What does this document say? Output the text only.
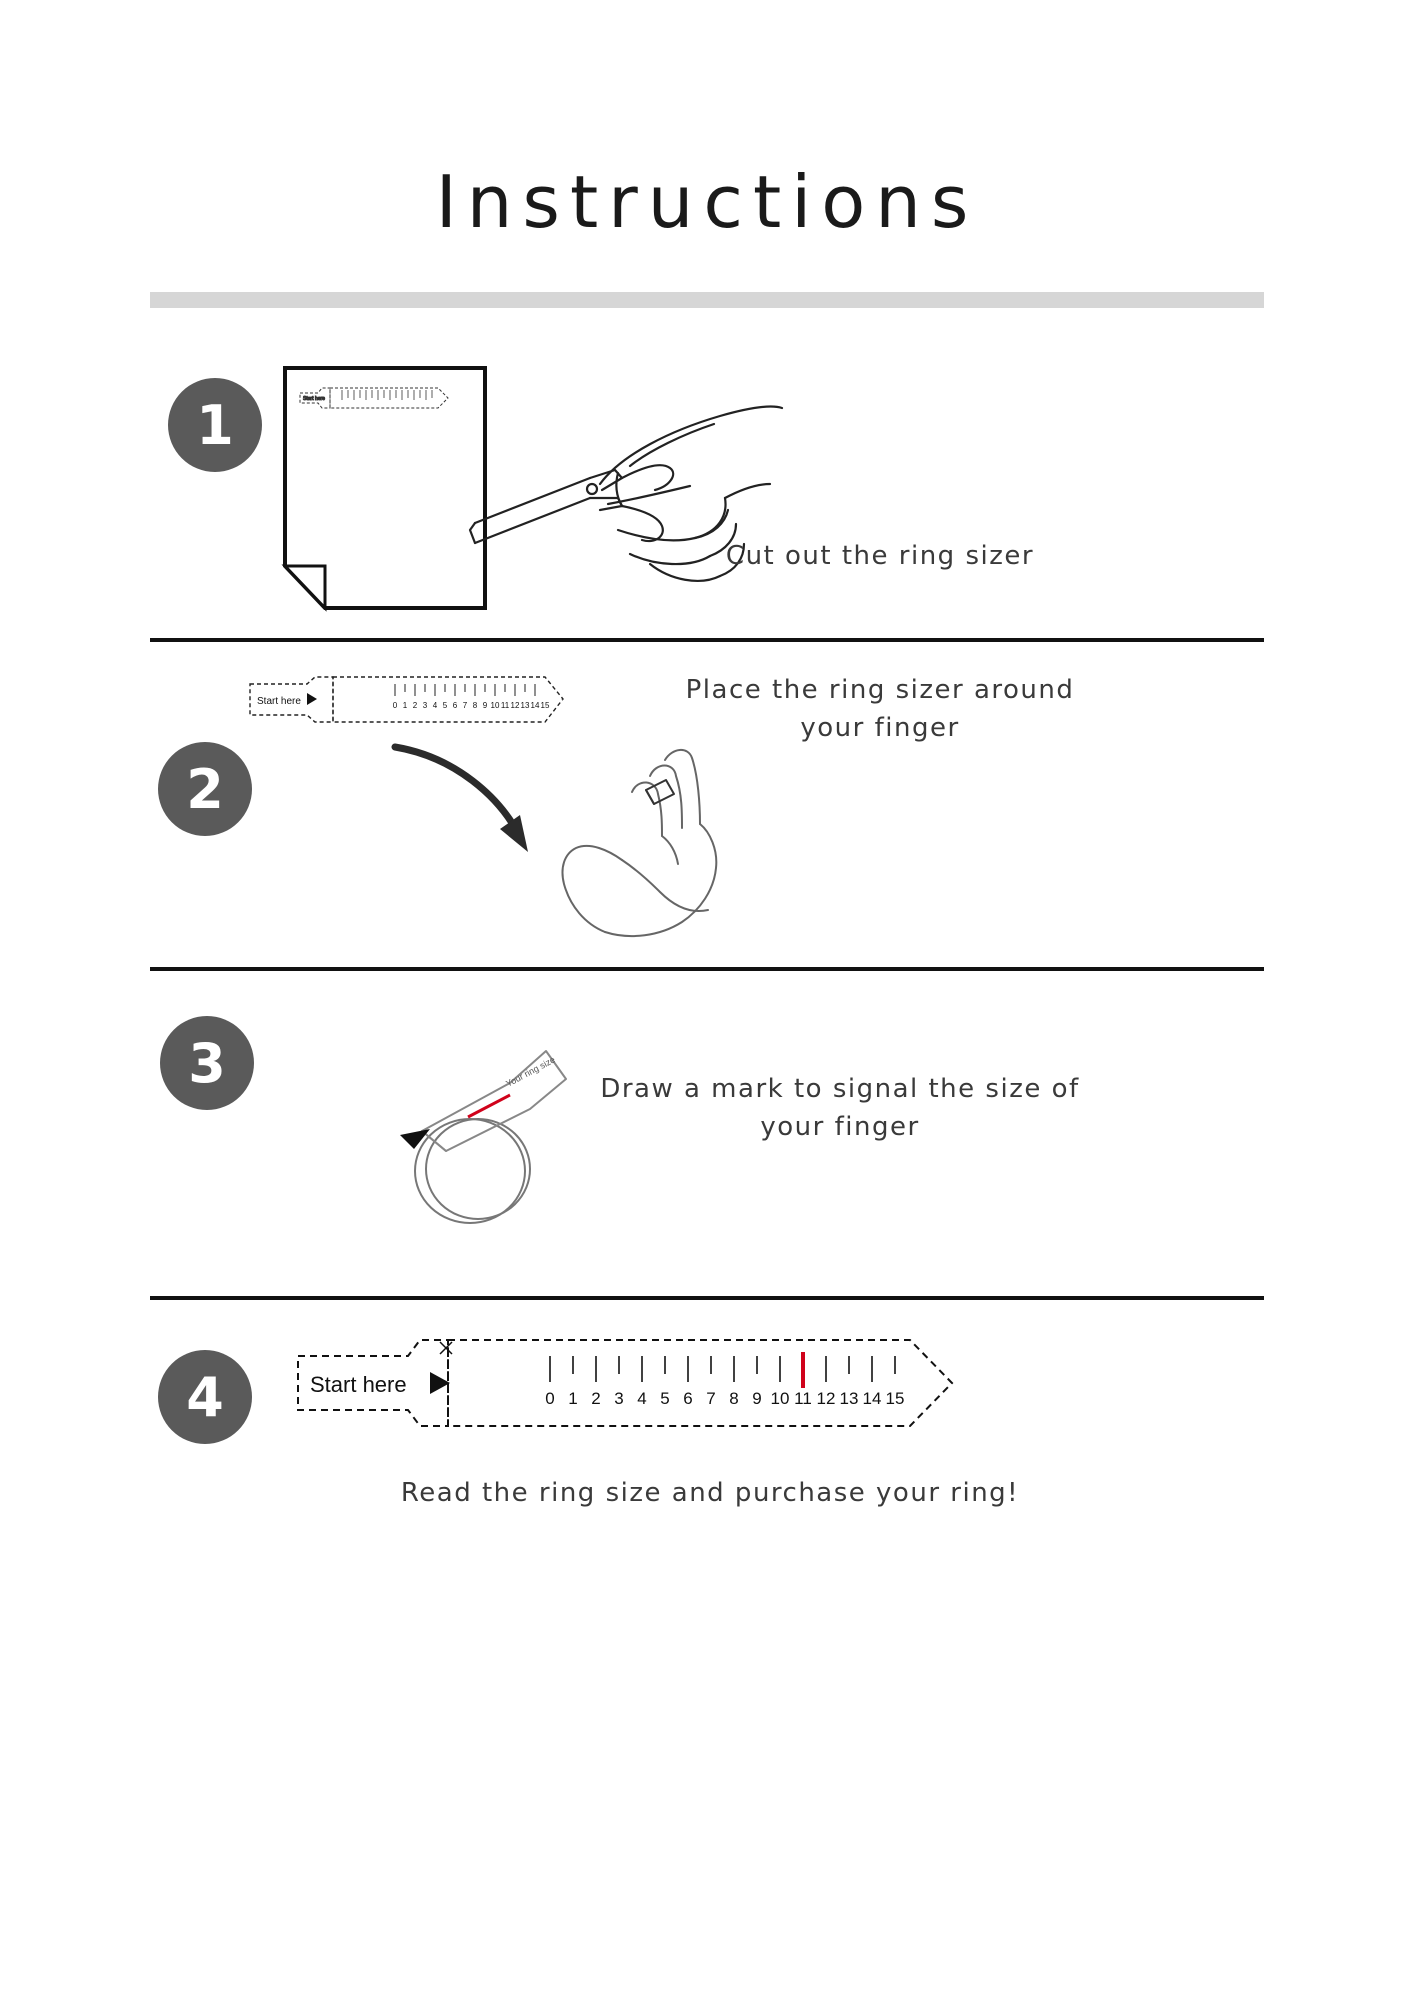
Instructions
1	Start here
Cut out the ring sizer
2
Start here	0 1 2 3 4 5 6 7 8 9 10 11 12 13 14 15
Place the ring sizer around your finger
3	Your ring size
Draw a mark to signal the size of your finger
4	Start here
0 1 2 3 4 5 6 7 8 9 10 11 12 13 14 15
Read the ring size and purchase your ring!
